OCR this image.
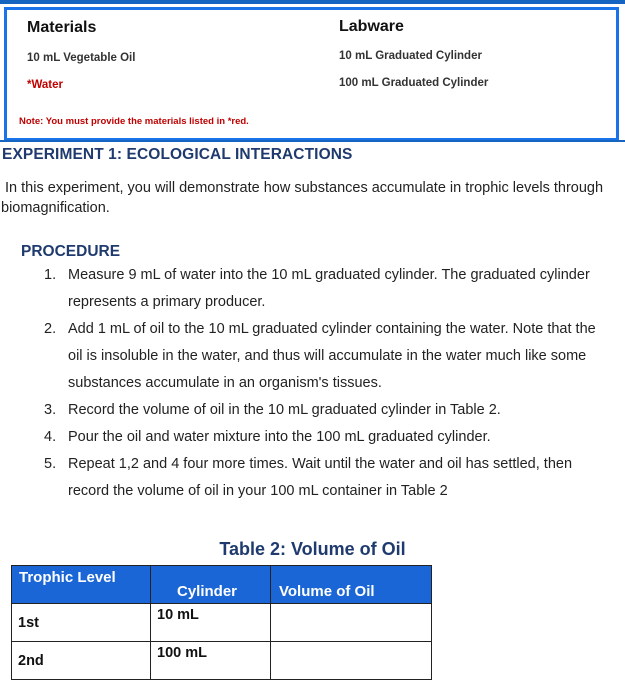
Materials
10 mL Vegetable Oil
*Water
Labware
10 mL Graduated Cylinder
100 mL Graduated Cylinder
Note: You must provide the materials listed in *red.
EXPERIMENT 1: ECOLOGICAL INTERACTIONS
In this experiment, you will demonstrate how substances accumulate in trophic levels through biomagnification.
PROCEDURE
1. Measure 9 mL of water into the 10 mL graduated cylinder. The graduated cylinder represents a primary producer.
2. Add 1 mL of oil to the 10 mL graduated cylinder containing the water. Note that the oil is insoluble in the water, and thus will accumulate in the water much like some substances accumulate in an organism's tissues.
3. Record the volume of oil in the 10 mL graduated cylinder in Table 2.
4. Pour the oil and water mixture into the 100 mL graduated cylinder.
5. Repeat 1,2 and 4 four more times. Wait until the water and oil has settled, then record the volume of oil in your 100 mL container in Table 2
Table 2: Volume of Oil
Trophic Level	Cylinder	Volume of Oil

1st	10 mL	

2nd	100 mL	
